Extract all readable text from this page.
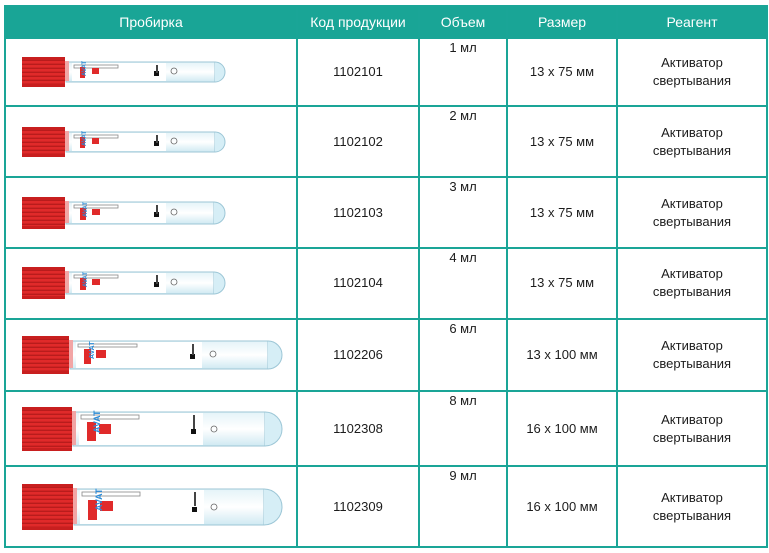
Пробирка	Код продукции	Объем	Размер	Реагент

AVAT	1102101	1 мл	13 x 75 мм	Активатор
свертывания

AVAT	1102102	2 мл	13 x 75 мм	Активатор
свертывания

AVAT	1102103	3 мл	13 x 75 мм	Активатор
свертывания

AVAT	1102104	4 мл	13 x 75 мм	Активатор
свертывания

AVAT	1102206	6 мл	13 x 100 мм	Активатор
свертывания

AVAT	1102308	8 мл	16 x 100 мм	Активатор
свертывания

AVAT	1102309	9 мл	16 x 100 мм	Активатор
свертывания
